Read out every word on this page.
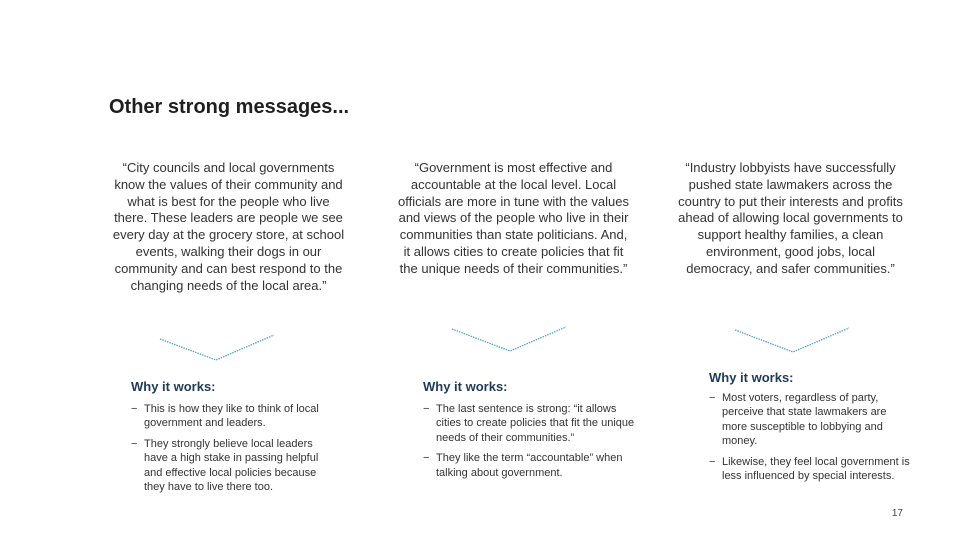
Other strong messages...
“City councils and local governments know the values of their community and what is best for the people who live there. These leaders are people we see every day at the grocery store, at school events, walking their dogs in our community and can best respond to the changing needs of the local area.”
Why it works:
− This is how they like to think of local government and leaders.
− They strongly believe local leaders have a high stake in passing helpful and effective local policies because they have to live there too.
“Government is most effective and accountable at the local level. Local officials are more in tune with the values and views of the people who live in their communities than state politicians. And, it allows cities to create policies that fit the unique needs of their communities.”
Why it works:
− The last sentence is strong: “it allows cities to create policies that fit the unique needs of their communities.”
− They like the term “accountable” when talking about government.
“Industry lobbyists have successfully pushed state lawmakers across the country to put their interests and profits ahead of allowing local governments to support healthy families, a clean environment, good jobs, local democracy, and safer communities.”
Why it works:
− Most voters, regardless of party, perceive that state lawmakers are more susceptible to lobbying and money.
− Likewise, they feel local government is less influenced by special interests.
17
